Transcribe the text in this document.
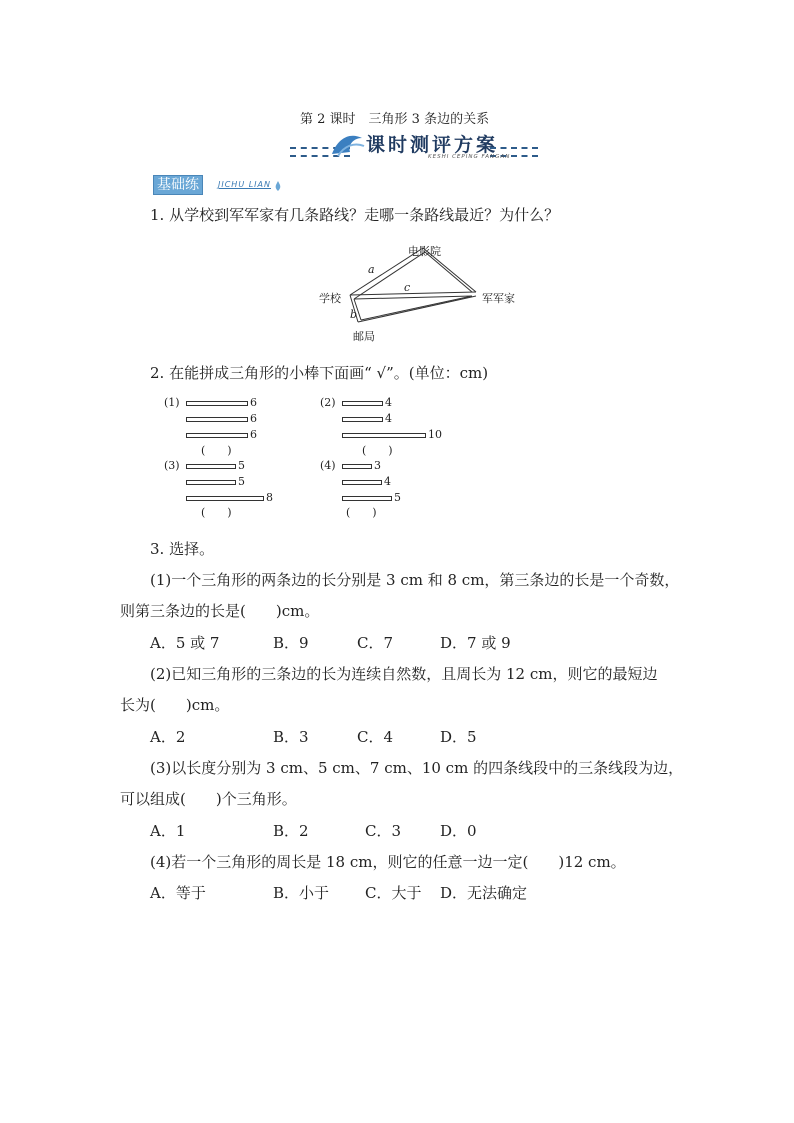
第 2 课时　三角形 3 条边的关系
课时测评方案
KESHI CEPING FANGAN
基础练	JICHU LIAN
1. 从学校到军军家有几条路线？走哪一条路线最近？为什么？
电影院
学校	军军家
邮局
a
c
b
2. 在能拼成三角形的小棒下面画“ √”。(单位：cm)
(1)	6
6
6
(　　)
(2)	4
4
10
(　　)
(3)	5
5
8
(　　)
(4)	3
4
5
(　　)
3. 选择。
(1)一个三角形的两条边的长分别是 3 cm 和 8 cm，第三条边的长是一个奇数，
则第三条边的长是(　　)cm。
A．5 或 7	B．9	C．7	D．7 或 9
(2)已知三角形的三条边的长为连续自然数，且周长为 12 cm，则它的最短边
长为(　　)cm。
A．2	B．3	C．4	D．5
(3)以长度分别为 3 cm、5 cm、7 cm、10 cm 的四条线段中的三条线段为边，
可以组成(　　)个三角形。
A．1	B．2	C．3	D．0
(4)若一个三角形的周长是 18 cm，则它的任意一边一定(　　)12 cm。
A．等于	B．小于 C．大于 D．无法确定
